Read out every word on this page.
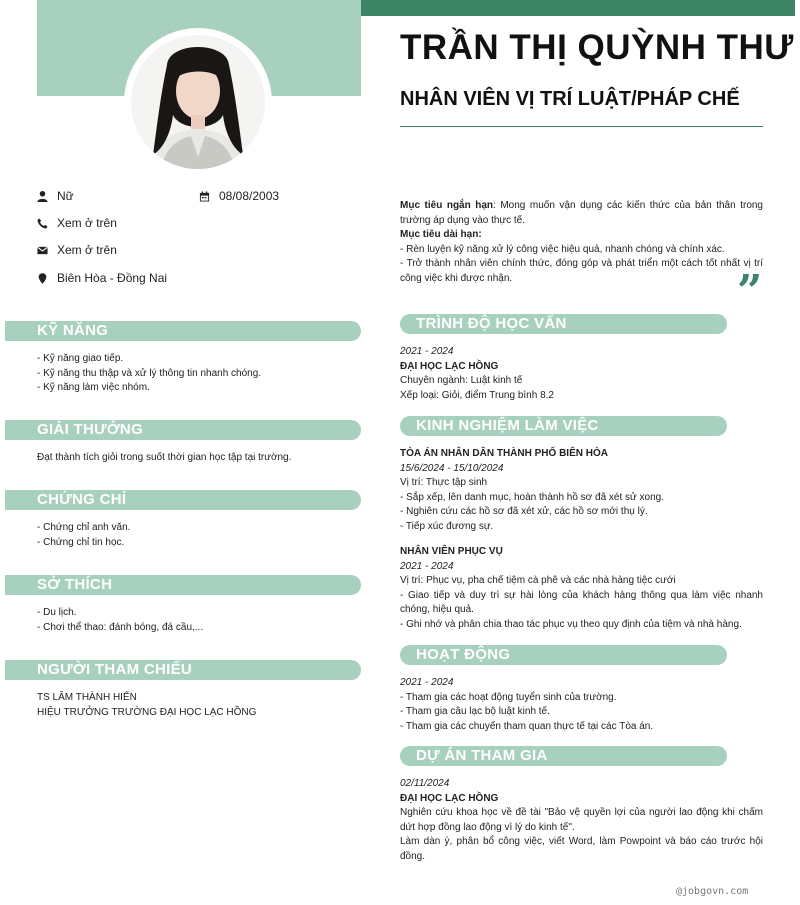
TRẦN THỊ QUỲNH THƯ
NHÂN VIÊN VỊ TRÍ LUẬT/PHÁP CHẾ
Nữ	08/08/2003
Xem ở trên
Xem ở trên
Biên Hòa - Đồng Nai
Mục tiêu ngắn hạn: Mong muốn vận dụng các kiến thức của bản thân trong trường áp dụng vào thực tế.
Mục tiêu dài hạn:
- Rèn luyện kỹ năng xử lý công việc hiệu quả, nhanh chóng và chính xác.
- Trở thành nhân viên chính thức, đóng góp và phát triển một cách tốt nhất vị trí công việc khi được nhận.	”
KỸ NĂNG
- Kỹ năng giao tiếp.
- Kỹ năng thu thập và xử lý thông tin nhanh chóng.
- Kỹ năng làm việc nhóm.
GIẢI THƯỞNG
Đạt thành tích giỏi trong suốt thời gian học tập tại trường.
CHỨNG CHỈ
- Chứng chỉ anh văn.
- Chứng chỉ tin học.
SỞ THÍCH
- Du lịch.
- Chơi thể thao: đánh bóng, đá cầu,...
NGƯỜI THAM CHIẾU
TS LÂM THÀNH HIỂN
HIỆU TRƯỞNG TRƯỜNG ĐẠI HỌC LẠC HỒNG
TRÌNH ĐỘ HỌC VẤN
2021 - 2024
ĐẠI HỌC LẠC HỒNG
Chuyên ngành: Luật kinh tế
Xếp loại: Giỏi, điểm Trung bình 8.2
KINH NGHIỆM LÀM VIỆC
TÒA ÁN NHÂN DÂN THÀNH PHỐ BIÊN HÒA
15/6/2024 - 15/10/2024
Vị trí: Thực tập sinh
- Sắp xếp, lên danh mục, hoàn thành hồ sơ đã xét sử xong.
- Nghiên cứu các hồ sơ đã xét xử, các hồ sơ mới thụ lý.
- Tiếp xúc đương sự.
NHÂN VIÊN PHỤC VỤ
2021 - 2024
Vị trí: Phục vụ, pha chế tiệm cà phê và các nhà hàng tiệc cưới
- Giao tiếp và duy trì sự hài lòng của khách hàng thông qua làm việc nhanh chóng, hiệu quả.
- Ghi nhớ và phân chia thao tác phục vụ theo quy định của tiệm và nhà hàng.
HOẠT ĐỘNG
2021 - 2024
- Tham gia các hoạt động tuyển sinh của trường.
- Tham gia câu lạc bộ luật kinh tế.
- Tham gia các chuyến tham quan thực tế tại các Tòa án.
DỰ ÁN THAM GIA
02/11/2024
ĐẠI HỌC LẠC HỒNG
Nghiên cứu khoa học về đề tài "Bảo vệ quyền lợi của người lao động khi chấm dứt hợp đồng lao động vì lý do kinh tế".
Làm dàn ý, phân bổ công việc, viết Word, làm Powpoint và báo cáo trước hội đồng.
@jobgovn.com
